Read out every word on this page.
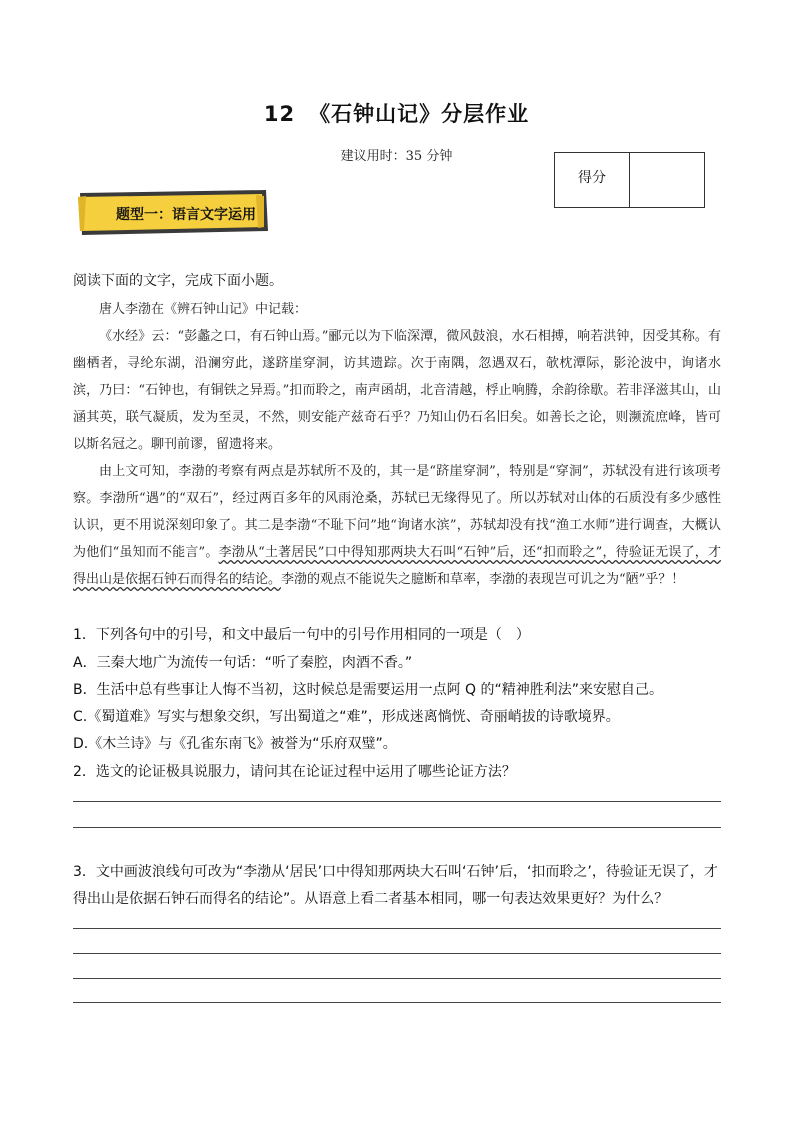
12 《石钟山记》分层作业
建议用时：35 分钟
得分
题型一：语言文字运用
阅读下面的文字，完成下面小题。

唐人李渤在《辨石钟山记》中记载：

《水经》云：“彭蠡之口，有石钟山焉。”郦元以为下临深潭，微风鼓浪，水石相搏，响若洪钟，因受其称。有幽栖者，寻纶东湖，沿澜穷此，遂跻崖穿洞，访其遗踪。次于南隅，忽遇双石，欹枕潭际，影沦波中，询诸水滨，乃曰：“石钟也，有铜铁之异焉。”扣而聆之，南声函胡，北音清越，桴止响腾，余韵徐歇。若非泽滋其山，山涵其英，联气凝质，发为至灵，不然，则安能产兹奇石乎？乃知山仍石名旧矣。如善长之论，则濒流庶峰，皆可以斯名冠之。聊刊前谬，留遗将来。

由上文可知，李渤的考察有两点是苏轼所不及的，其一是“跻崖穿洞”，特别是“穿洞”，苏轼没有进行该项考察。李渤所“遇”的“双石”，经过两百多年的风雨沧桑，苏轼已无缘得见了。所以苏轼对山体的石质没有多少感性认识，更不用说深刻印象了。其二是李渤“不耻下问”地“询诸水滨”，苏轼却没有找“渔工水师”进行调查，大概认为他们“虽知而不能言”。李渤从“土著居民”口中得知那两块大石叫“石钟”后，还“扣而聆之”，待验证无误了，才得出山是依据石钟石而得名的结论。李渤的观点不能说失之臆断和草率，李渤的表现岂可讥之为“陋”乎？！

1．下列各句中的引号，和文中最后一句中的引号作用相同的一项是（　）
A．三秦大地广为流传一句话：“听了秦腔，肉酒不香。”
B．生活中总有些事让人悔不当初，这时候总是需要运用一点阿 Q 的“精神胜利法”来安慰自己。
C.《蜀道难》写实与想象交织，写出蜀道之“难”，形成迷离惝恍、奇丽峭拔的诗歌境界。
D.《木兰诗》与《孔雀东南飞》被誉为“乐府双璧”。
2．选文的论证极具说服力，请问其在论证过程中运用了哪些论证方法？
3．文中画波浪线句可改为“李渤从‘居民’口中得知那两块大石叫‘石钟’后，‘扣而聆之’，待验证无误了，才
得出山是依据石钟石而得名的结论”。从语意上看二者基本相同，哪一句表达效果更好？为什么？
